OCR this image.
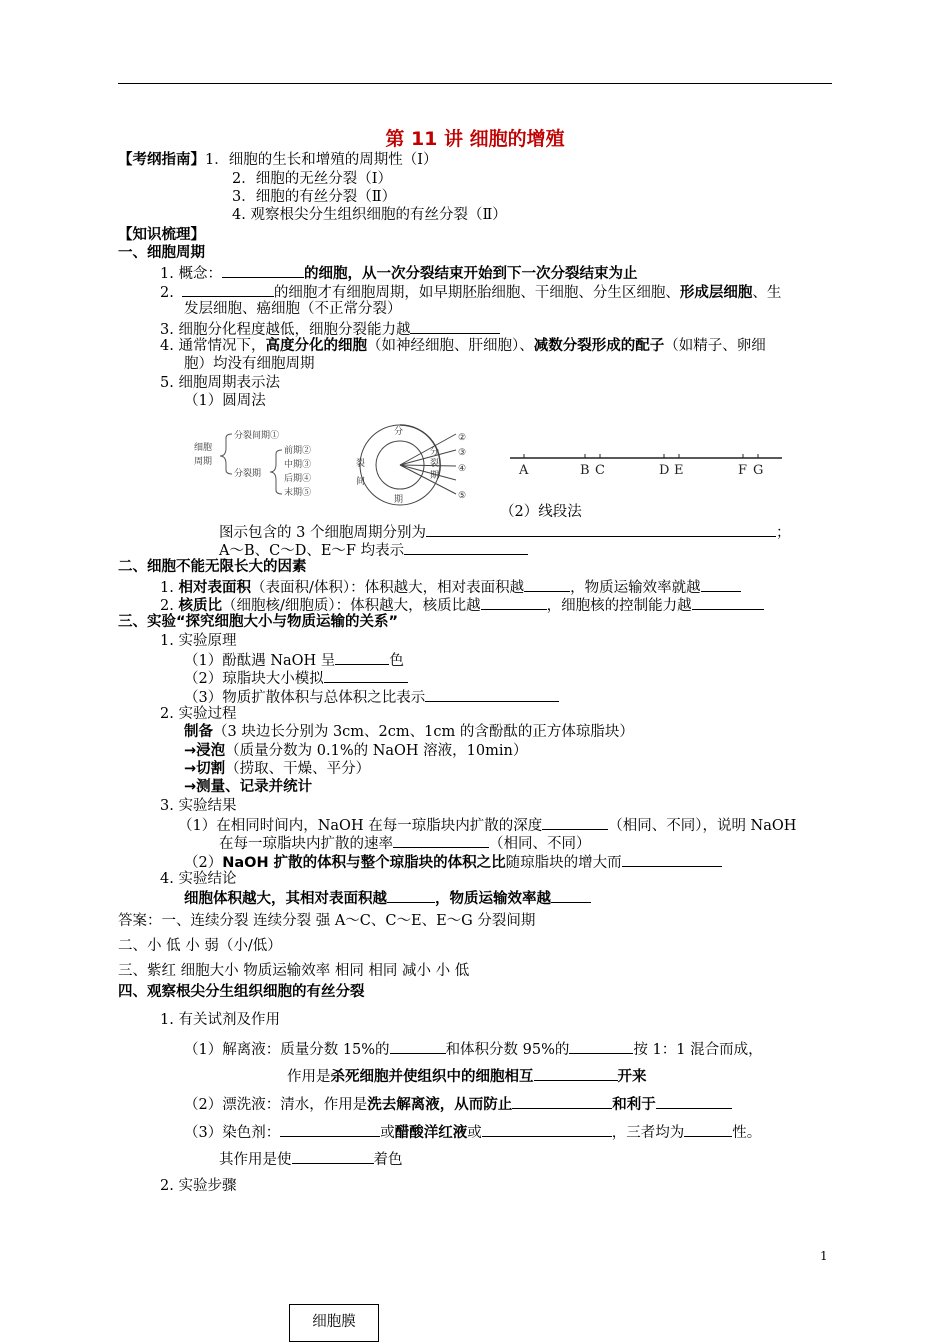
第 11 讲 细胞的增殖
【考纲指南】1．细胞的生长和增殖的周期性（Ⅰ）
2．细胞的无丝分裂（Ⅰ）
3．细胞的有丝分裂（Ⅱ）
4. 观察根尖分生组织细胞的有丝分裂（Ⅱ）
【知识梳理】
一、细胞周期
1. 概念：	的细胞，从一次分裂结束开始到下一次分裂结束为止
2.	的细胞才有细胞周期，如早期胚胎细胞、干细胞、分生区细胞、形成层细胞、生
发层细胞、癌细胞（不正常分裂）
3. 细胞分化程度越低，细胞分裂能力越
4. 通常情况下，高度分化的细胞（如神经细胞、肝细胞）、减数分裂形成的配子（如精子、卵细
胞）均没有细胞周期
5. 细胞周期表示法
（1）圆周法
细胞
周期
分裂间期①
分裂期
前期②
中期③
后期④
末期⑤
分
裂
间
期
分
裂
期
②
③
④
⑤
A	B C	D E	F G
（2）线段法
图示包含的 3 个细胞周期分别为	；
A～B、C～D、E～F 均表示
二、细胞不能无限长大的因素
1. 相对表面积（表面积/体积）：体积越大，相对表面积越	，物质运输效率就越
2. 核质比（细胞核/细胞质）：体积越大，核质比越	，细胞核的控制能力越
三、实验“探究细胞大小与物质运输的关系”
1. 实验原理
（1）酚酞遇 NaOH 呈	色
（2）琼脂块大小模拟
（3）物质扩散体积与总体积之比表示
2. 实验过程
制备（3 块边长分别为 3cm、2cm、1cm 的含酚酞的正方体琼脂块）
→浸泡（质量分数为 0.1%的 NaOH 溶液，10min）
→切割（捞取、干燥、平分）
→测量、记录并统计
3. 实验结果
（1）在相同时间内，NaOH 在每一琼脂块内扩散的深度	（相同、不同），说明 NaOH
在每一琼脂块内扩散的速率	（相同、不同）
（2）NaOH 扩散的体积与整个琼脂块的体积之比随琼脂块的增大而
4. 实验结论
细胞体积越大，其相对表面积越	，物质运输效率越
答案：一、连续分裂 连续分裂 强 A～C、C～E、E～G 分裂间期
二、小 低 小 弱（小/低）
三、紫红 细胞大小 物质运输效率 相同 相同 减小 小 低
四、观察根尖分生组织细胞的有丝分裂
1. 有关试剂及作用
（1）解离液：质量分数 15%的	和体积分数 95%的	按 1：1 混合而成，
作用是杀死细胞并使组织中的细胞相互	开来
（2）漂洗液：清水，作用是洗去解离液，从而防止	和利于
（3）染色剂：	或醋酸洋红液或	，三者均为	性。
其作用是使	着色
2. 实验步骤
1
细胞膜
